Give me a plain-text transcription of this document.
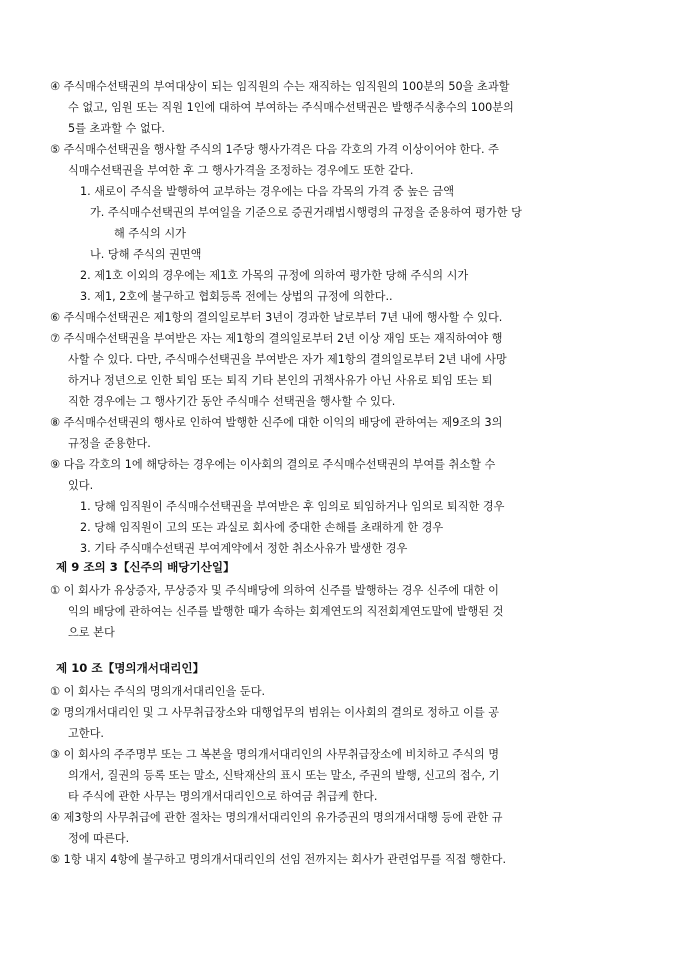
④ 주식매수선택권의 부여대상이 되는 임직원의 수는 재직하는 임직원의 100분의 50을 초과할
수 없고, 임원 또는 직원 1인에 대하여 부여하는 주식매수선택권은 발행주식총수의 100분의
5를 초과할 수 없다.
⑤ 주식매수선택권을 행사할 주식의 1주당 행사가격은 다음 각호의 가격 이상이어야 한다. 주
식매수선택권을 부여한 후 그 행사가격을 조정하는 경우에도 또한 같다.
1. 새로이 주식을 발행하여 교부하는 경우에는 다음 각목의 가격 중 높은 금액
가. 주식매수선택권의 부여일을 기준으로 증권거래법시행령의 규정을 준용하여 평가한 당
해 주식의 시가
나. 당해 주식의 권면액
2. 제1호 이외의 경우에는 제1호 가목의 규정에 의하여 평가한 당해 주식의 시가
3. 제1, 2호에 불구하고 협회등록 전에는 상법의 규정에 의한다..
⑥ 주식매수선택권은 제1항의 결의일로부터 3년이 경과한 날로부터 7년 내에 행사할 수 있다.
⑦ 주식매수선택권을 부여받은 자는 제1항의 결의일로부터 2년 이상 재임 또는 재직하여야 행
사할 수 있다. 다만, 주식매수선택권을 부여받은 자가 제1항의 결의일로부터 2년 내에 사망
하거나 정년으로 인한 퇴임 또는 퇴직 기타 본인의 귀책사유가 아닌 사유로 퇴임 또는 퇴
직한 경우에는 그 행사기간 동안 주식매수 선택권을 행사할 수 있다.
⑧ 주식매수선택권의 행사로 인하여 발행한 신주에 대한 이익의 배당에 관하여는 제9조의 3의
규정을 준용한다.
⑨ 다음 각호의 1에 해당하는 경우에는 이사회의 결의로 주식매수선택권의 부여를 취소할 수
있다.
1. 당해 임직원이 주식매수선택권을 부여받은 후 임의로 퇴임하거나 임의로 퇴직한 경우
2. 당해 임직원이 고의 또는 과실로 회사에 중대한 손해를 초래하게 한 경우
3. 기타 주식매수선택권 부여계약에서 정한 취소사유가 발생한 경우
제 9 조의 3【신주의 배당기산일】
① 이 회사가 유상증자, 무상증자 및 주식배당에 의하여 신주를 발행하는 경우 신주에 대한 이
익의 배당에 관하여는 신주를 발행한 때가 속하는 회계연도의 직전회계연도말에 발행된 것
으로 본다
제 10 조【명의개서대리인】
① 이 회사는 주식의 명의개서대리인을 둔다.
② 명의개서대리인 및 그 사무취급장소와 대행업무의 범위는 이사회의 결의로 정하고 이를 공
고한다.
③ 이 회사의 주주명부 또는 그 복본을 명의개서대리인의 사무취급장소에 비치하고 주식의 명
의개서, 질권의 등록 또는 말소, 신탁재산의 표시 또는 말소, 주권의 발행, 신고의 접수, 기
타 주식에 관한 사무는 명의개서대리인으로 하여금 취급케 한다.
④ 제3항의 사무취급에 관한 절차는 명의개서대리인의 유가증권의 명의개서대행 등에 관한 규
정에 따른다.
⑤ 1항 내지 4항에 불구하고 명의개서대리인의 선임 전까지는 회사가 관련업무를 직접 행한다.
